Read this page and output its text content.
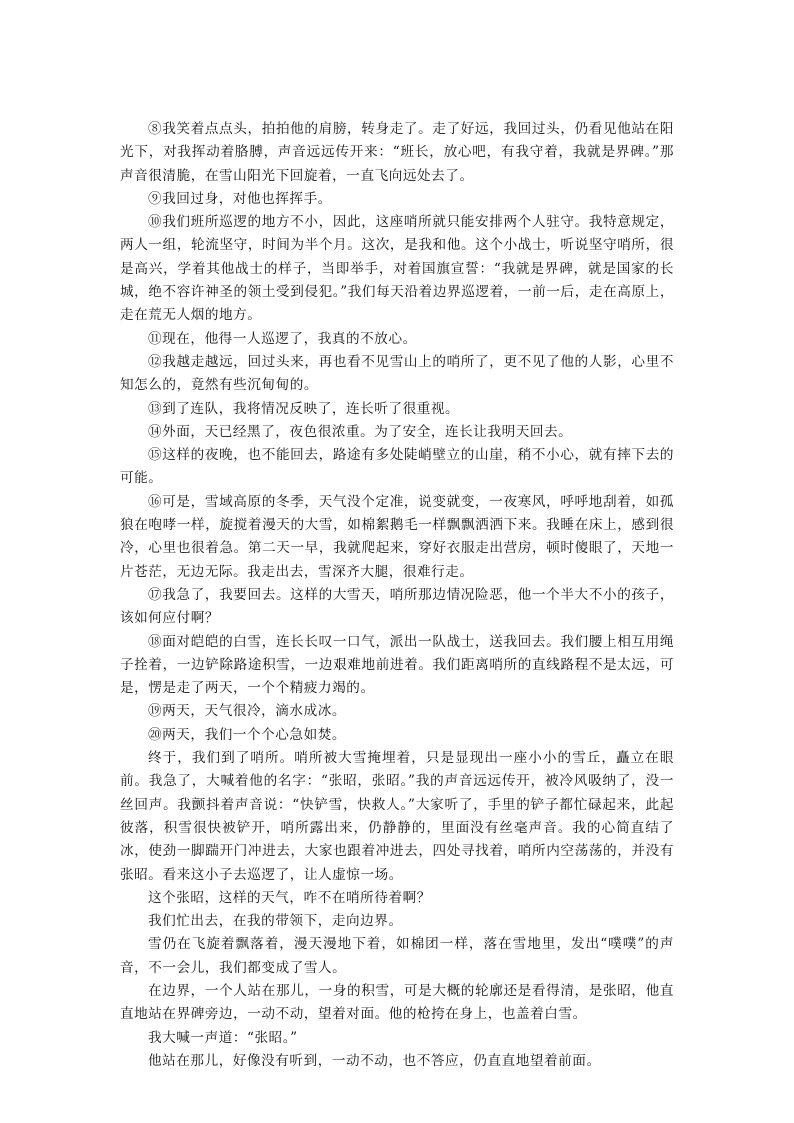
⑧我笑着点点头，拍拍他的肩膀，转身走了。走了好远，我回过头，仍看见他站在阳光下，对我挥动着胳膊，声音远远传开来：“班长，放心吧，有我守着，我就是界碑。”那声音很清脆，在雪山阳光下回旋着，一直飞向远处去了。

⑨我回过身，对他也挥挥手。

⑩我们班所巡逻的地方不小，因此，这座哨所就只能安排两个人驻守。我特意规定，两人一组，轮流坚守，时间为半个月。这次，是我和他。这个小战士，听说坚守哨所，很是高兴，学着其他战士的样子，当即举手，对着国旗宣誓：“我就是界碑，就是国家的长城，绝不容许神圣的领土受到侵犯。”我们每天沿着边界巡逻着，一前一后，走在高原上，走在荒无人烟的地方。

⑪现在，他得一人巡逻了，我真的不放心。

⑫我越走越远，回过头来，再也看不见雪山上的哨所了，更不见了他的人影，心里不知怎么的，竟然有些沉甸甸的。

⑬到了连队，我将情况反映了，连长听了很重视。

⑭外面，天已经黑了，夜色很浓重。为了安全，连长让我明天回去。

⑮这样的夜晚，也不能回去，路途有多处陡峭壁立的山崖，稍不小心，就有摔下去的可能。

⑯可是，雪域高原的冬季，天气没个定准，说变就变，一夜寒风，呼呼地刮着，如孤狼在咆哮一样，旋搅着漫天的大雪，如棉絮鹅毛一样飘飘洒洒下来。我睡在床上，感到很冷，心里也很着急。第二天一早，我就爬起来，穿好衣服走出营房，顿时傻眼了，天地一片苍茫，无边无际。我走出去，雪深齐大腿，很难行走。

⑰我急了，我要回去。这样的大雪天，哨所那边情况险恶，他一个半大不小的孩子，该如何应付啊？

⑱面对皑皑的白雪，连长长叹一口气，派出一队战士，送我回去。我们腰上相互用绳子拴着，一边铲除路途积雪，一边艰难地前进着。我们距离哨所的直线路程不是太远，可是，愣是走了两天，一个个精疲力竭的。

⑲两天，天气很冷，滴水成冰。

⑳两天，我们一个个心急如焚。

终于，我们到了哨所。哨所被大雪掩埋着，只是显现出一座小小的雪丘，矗立在眼前。我急了，大喊着他的名字：“张昭，张昭。”我的声音远远传开，被冷风吸纳了，没一丝回声。我颤抖着声音说：“快铲雪，快救人。”大家听了，手里的铲子都忙碌起来，此起彼落，积雪很快被铲开，哨所露出来，仍静静的，里面没有丝毫声音。我的心简直结了冰，使劲一脚踹开门冲进去，大家也跟着冲进去，四处寻找着，哨所内空荡荡的，并没有张昭。看来这小子去巡逻了，让人虚惊一场。

这个张昭，这样的天气，咋不在哨所待着啊？

我们忙出去，在我的带领下，走向边界。

雪仍在飞旋着飘落着，漫天漫地下着，如棉团一样，落在雪地里，发出“噗噗”的声音，不一会儿，我们都变成了雪人。

在边界，一个人站在那儿，一身的积雪，可是大概的轮廓还是看得清，是张昭，他直直地站在界碑旁边，一动不动，望着对面。他的枪挎在身上，也盖着白雪。

我大喊一声道：“张昭。”

他站在那儿，好像没有听到，一动不动，也不答应，仍直直地望着前面。
